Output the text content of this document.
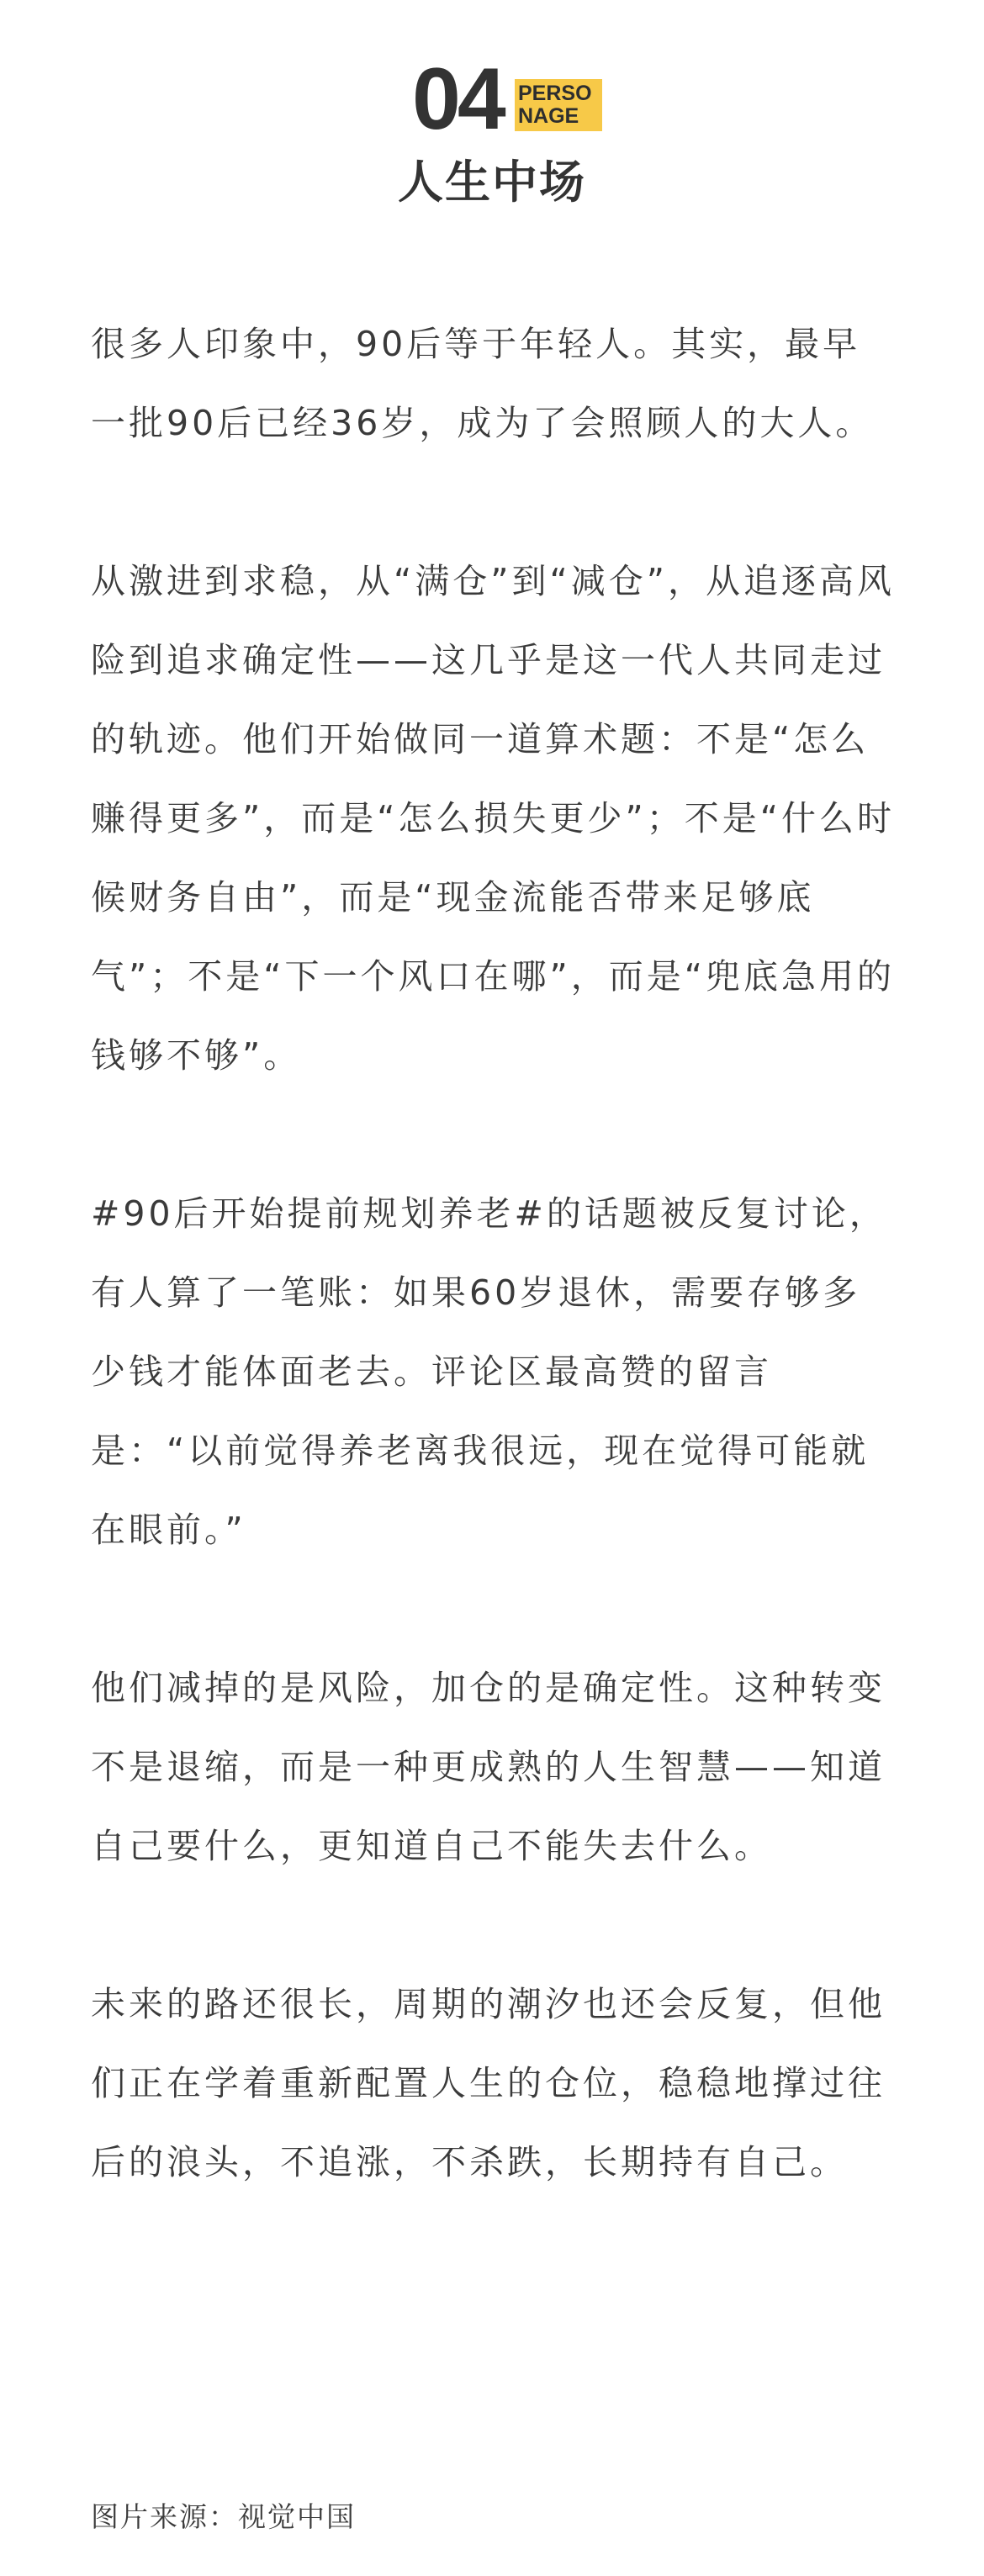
04 PERSO
NAGE
人生中场

很多人印象中，90后等于年轻人。其实，最早一批90后已经36岁，成为了会照顾人的大人。

从激进到求稳，从“满仓”到“减仓”，从追逐高风险到追求确定性——这几乎是这一代人共同走过的轨迹。他们开始做同一道算术题：不是“怎么赚得更多”，而是“怎么损失更少”；不是“什么时候财务自由”，而是“现金流能否带来足够底气”；不是“下一个风口在哪”，而是“兜底急用的钱够不够”。

#90后开始提前规划养老#的话题被反复讨论，有人算了一笔账：如果60岁退休，需要存够多少钱才能体面老去。评论区最高赞的留言是：“以前觉得养老离我很远，现在觉得可能就在眼前。”

他们减掉的是风险，加仓的是确定性。这种转变不是退缩，而是一种更成熟的人生智慧——知道自己要什么，更知道自己不能失去什么。

未来的路还很长，周期的潮汐也还会反复，但他们正在学着重新配置人生的仓位，稳稳地撑过往后的浪头，不追涨，不杀跌，长期持有自己。

图片来源：视觉中国
